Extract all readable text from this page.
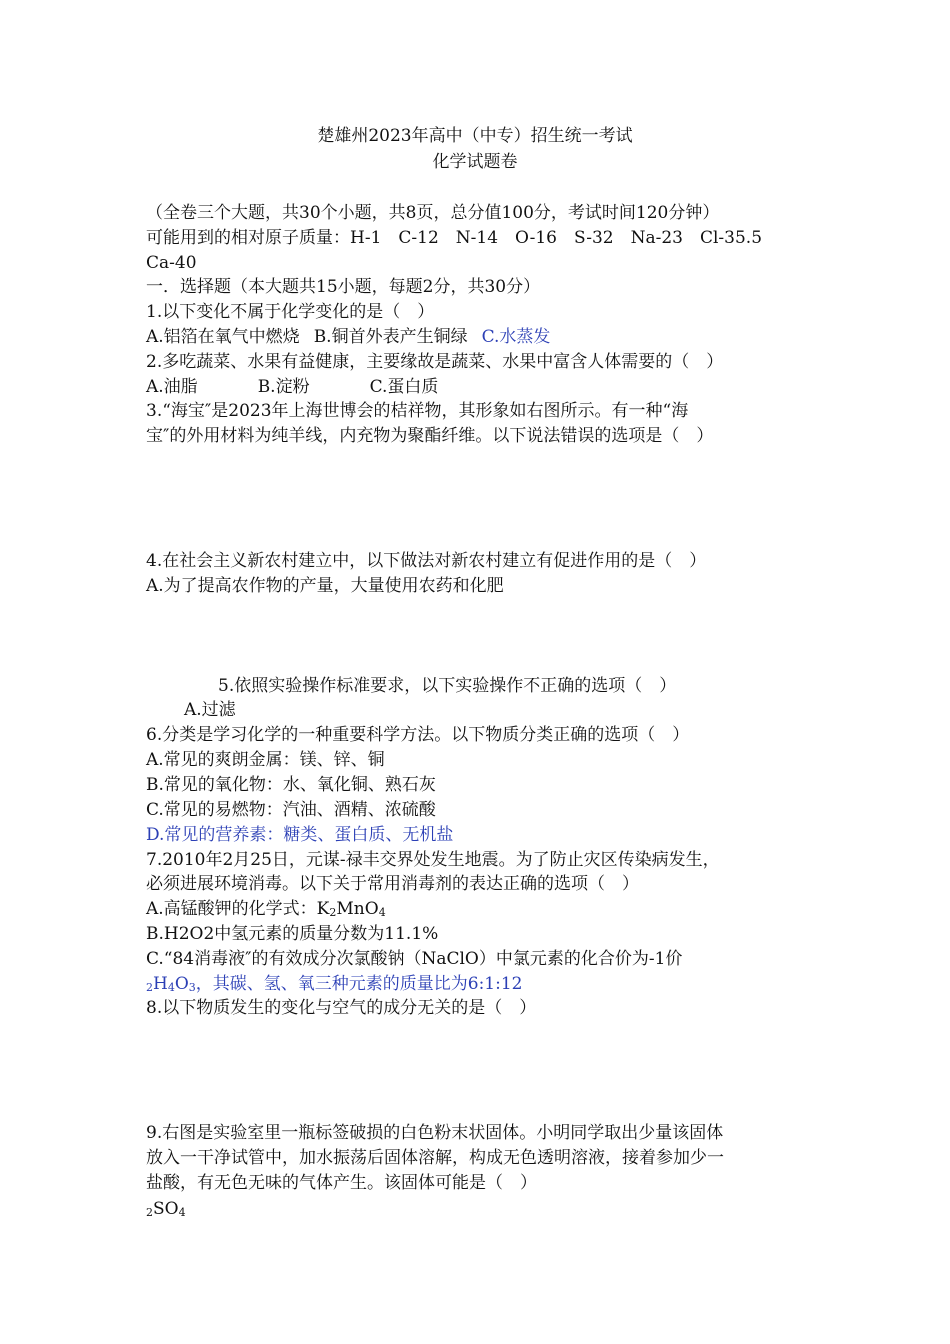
楚雄州2023年高中（中专）招生统一考试
化学试题卷
（全卷三个大题，共30个小题，共8页，总分值100分，考试时间120分钟）
可能用到的相对原子质量：H-1　C-12　N-14　O-16　S-32　Na-23　Cl-35.5
Ca-40
一．选择题（本大题共15小题，每题2分，共30分）
1.以下变化不属于化学变化的是（　）
A.铝箔在氧气中燃烧 B.铜首外表产生铜绿 C.水蒸发
2.多吃蔬菜、水果有益健康，主要缘故是蔬菜、水果中富含人体需要的（　）
A.油脂	B.淀粉	C.蛋白质
3.“海宝″是2023年上海世博会的桔祥物，其形象如右图所示。有一种“海
宝″的外用材料为纯羊线，内充物为聚酯纤维。以下说法错误的选项是（　）
4.在社会主义新农村建立中，以下做法对新农村建立有促进作用的是（　）
A.为了提高农作物的产量，大量使用农药和化肥
5.依照实验操作标准要求，以下实验操作不正确的选项（　）
A.过滤
6.分类是学习化学的一种重要科学方法。以下物质分类正确的选项（　）
A.常见的爽朗金属：镁、锌、铜
B.常见的氧化物：水、氧化铜、熟石灰
C.常见的易燃物：汽油、酒精、浓硫酸
D.常见的营养素：糖类、蛋白质、无机盐
7.2010年2月25日，元谋-禄丰交界处发生地震。为了防止灾区传染病发生，
必须进展环境消毒。以下关于常用消毒剂的表达正确的选项（　）
A.高锰酸钾的化学式：$K_2MnO_4$
B.H2O2中氢元素的质量分数为11.1%
C.“84消毒液″的有效成分次氯酸钠（NaClO）中氯元素的化合价为-1价
$_2H_4O_3$，其碳、氢、氧三种元素的质量比为6:1:12
8.以下物质发生的变化与空气的成分无关的是（　）
9.右图是实验室里一瓶标签破损的白色粉末状固体。小明同学取出少量该固体
放入一干净试管中，加水振荡后固体溶解，构成无色透明溶液，接着参加少一
盐酸，有无色无味的气体产生。该固体可能是（　）
$_2SO_4$
